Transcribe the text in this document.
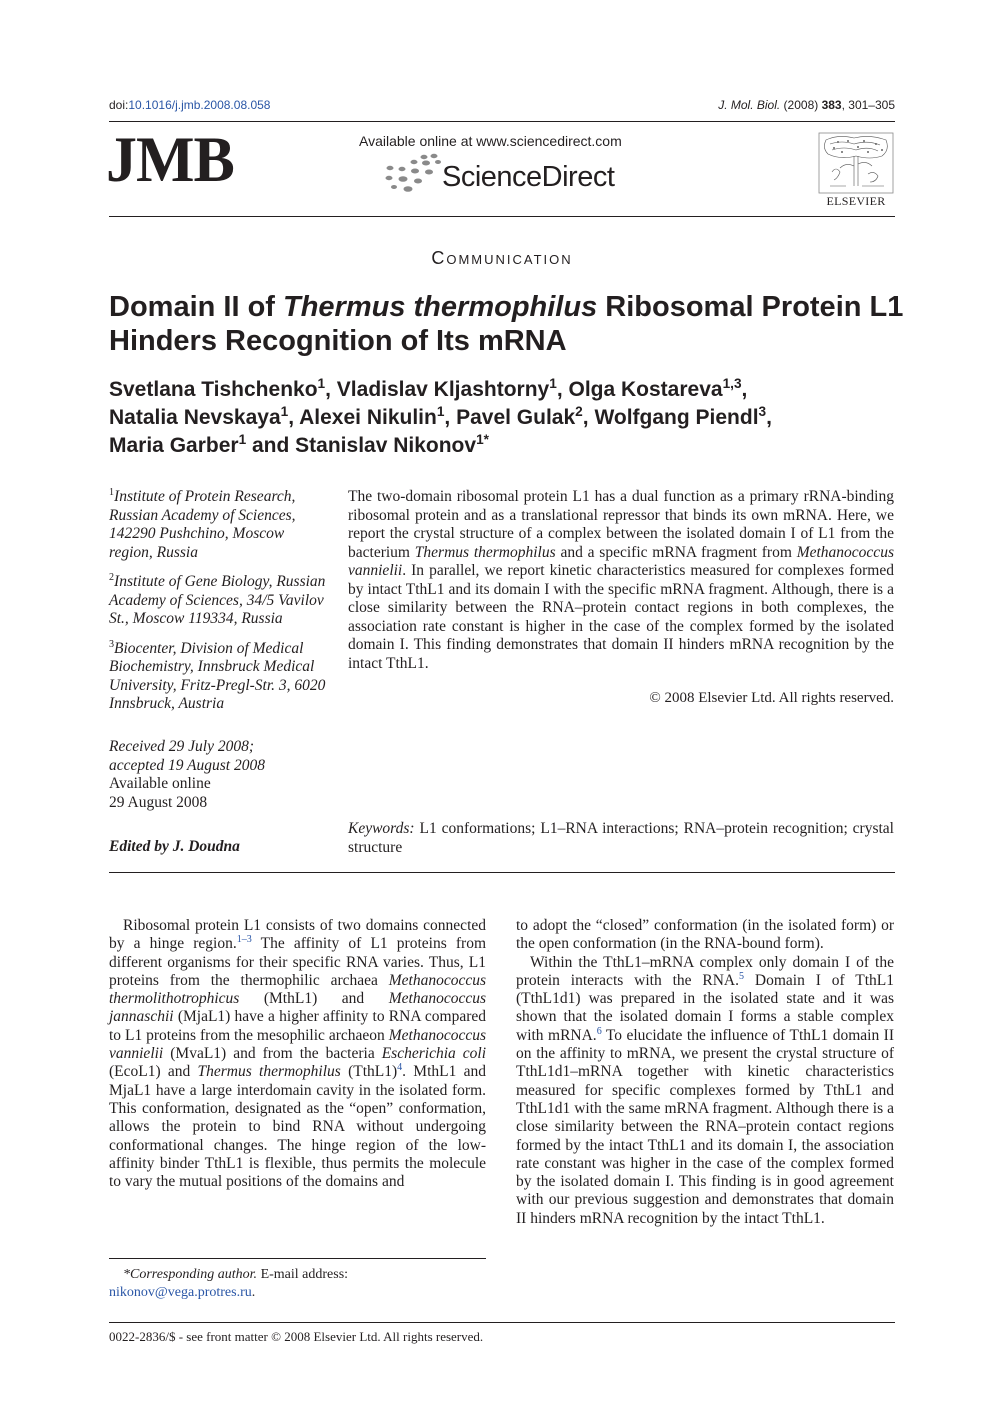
doi:10.1016/j.jmb.2008.08.058	J. Mol. Biol. (2008) 383, 301–305
JMB	Available online at www.sciencedirect.com
ScienceDirect
ELSEVIER
Communication
Domain II of Thermus thermophilus Ribosomal Protein L1 Hinders Recognition of Its mRNA
Svetlana Tishchenko$^1$, Vladislav Kljashtorny$^1$, Olga Kostareva$^{1,3}$, Natalia Nevskaya$^1$, Alexei Nikulin$^1$, Pavel Gulak$^2$, Wolfgang Piendl$^3$, Maria Garber$^1$ and Stanislav Nikonov$^{1*}$

$^1$Institute of Protein Research, Russian Academy of Sciences, 142290 Pushchino, Moscow region, Russia

$^2$Institute of Gene Biology, Russian Academy of Sciences, 34/5 Vavilov St., Moscow 119334, Russia

$^3$Biocenter, Division of Medical Biochemistry, Innsbruck Medical University, Fritz-Pregl-Str. 3, 6020 Innsbruck, Austria

Received 29 July 2008;
accepted 19 August 2008
Available online
29 August 2008
Edited by J. Doudna
The two-domain ribosomal protein L1 has a dual function as a primary rRNA-binding ribosomal protein and as a translational repressor that binds its own mRNA. Here, we report the crystal structure of a complex between the isolated domain I of L1 from the bacterium Thermus thermophilus and a specific mRNA fragment from Methanococcus vannielii. In parallel, we report kinetic characteristics measured for complexes formed by intact TthL1 and its domain I with the specific mRNA fragment. Although, there is a close similarity between the RNA–protein contact regions in both complexes, the association rate constant is higher in the case of the complex formed by the isolated domain I. This finding demonstrates that domain II hinders mRNA recognition by the intact TthL1.
© 2008 Elsevier Ltd. All rights reserved.
Keywords: L1 conformations; L1–RNA interactions; RNA–protein recognition; crystal structure

Ribosomal protein L1 consists of two domains connected by a hinge region.$^{1-3}$ The affinity of L1 proteins from different organisms for their specific RNA varies. Thus, L1 proteins from the thermophilic archaea Methanococcus thermolithotrophicus (MthL1) and Methanococcus jannaschii (MjaL1) have a higher affinity to RNA compared to L1 proteins from the mesophilic archaeon Methanococcus vannielii (MvaL1) and from the bacteria Escherichia coli (EcoL1) and Thermus thermophilus (TthL1)$^4$. MthL1 and MjaL1 have a large interdomain cavity in the isolated form. This conformation, designated as the “open” conformation, allows the protein to bind RNA without undergoing conformational changes. The hinge region of the low-affinity binder TthL1 is flexible, thus permits the molecule to vary the mutual positions of the domains and

to adopt the “closed” conformation (in the isolated form) or the open conformation (in the RNA-bound form).

Within the TthL1–mRNA complex only domain I of the protein interacts with the RNA.$^5$ Domain I of TthL1 (TthL1d1) was prepared in the isolated state and it was shown that the isolated domain I forms a stable complex with mRNA.$^6$ To elucidate the influence of TthL1 domain II on the affinity to mRNA, we present the crystal structure of TthL1d1–mRNA together with kinetic characteristics measured for specific complexes formed by TthL1 and TthL1d1 with the same mRNA fragment. Although there is a close similarity between the RNA–protein contact regions formed by the intact TthL1 and its domain I, the association rate constant was higher in the case of the complex formed by the isolated domain I. This finding is in good agreement with our previous suggestion and demonstrates that domain II hinders mRNA recognition by the intact TthL1.

*Corresponding author. E-mail address:
nikonov@vega.protres.ru.
0022-2836/$ - see front matter © 2008 Elsevier Ltd. All rights reserved.
